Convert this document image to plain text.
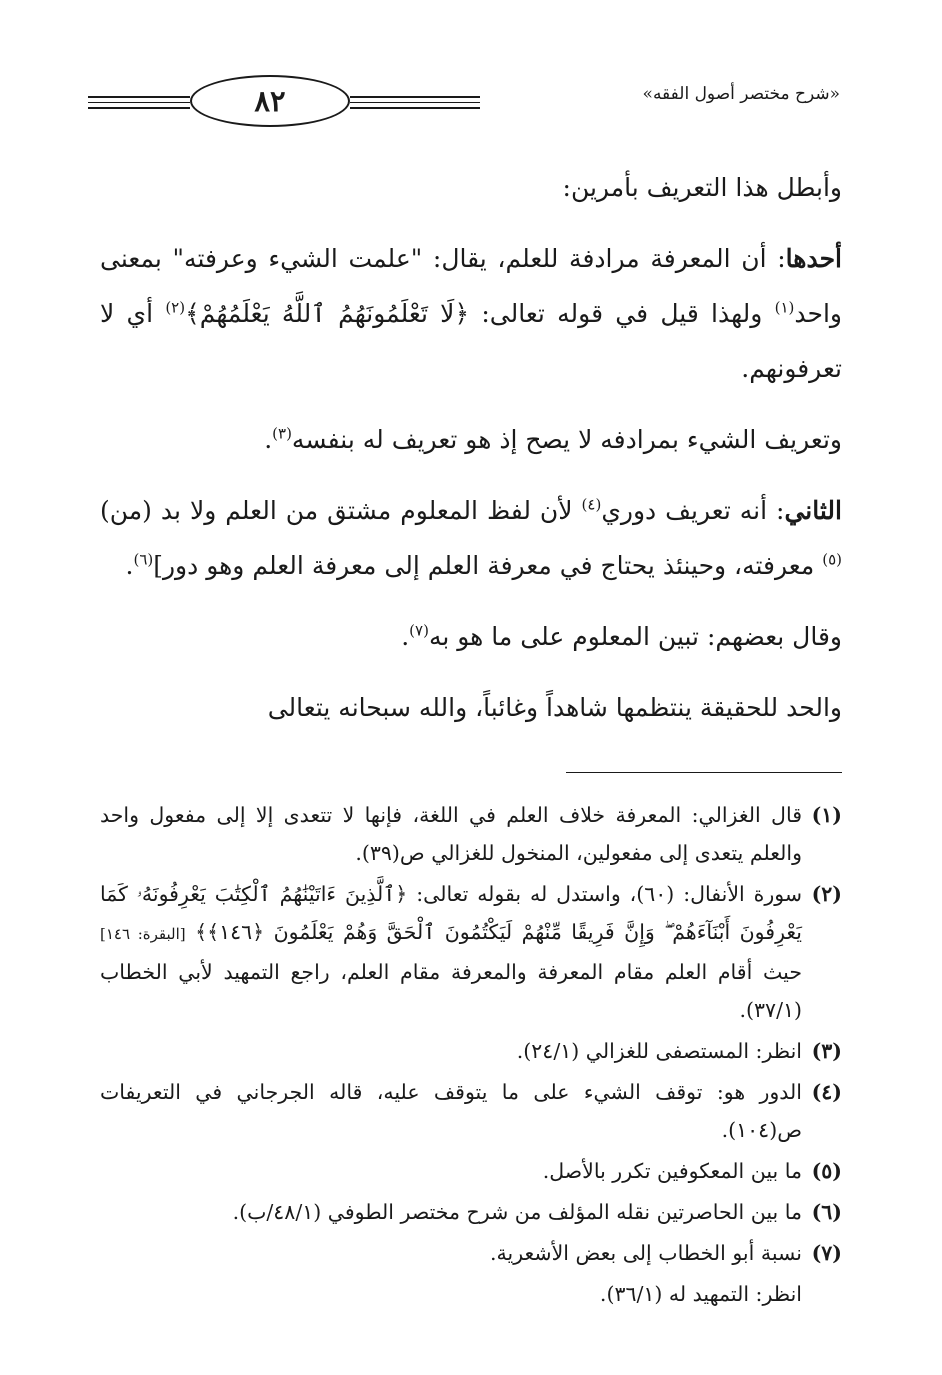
«شرح مختصر أصول الفقه»
٨٢

وأبطل هذا التعريف بأمرين:

أحدها: أن المعرفة مرادفة للعلم، يقال: "علمت الشيء وعرفته" بمعنى واحد$^{(١)}$ ولهذا قيل في قوله تعالى: ﴿لَا تَعْلَمُونَهُمُ ٱللَّهُ يَعْلَمُهُمْ﴾$^{(٢)}$ أي لا تعرفونهم.

وتعريف الشيء بمرادفه لا يصح إذ هو تعريف له بنفسه$^{(٣)}$.

الثاني: أنه تعريف دوري$^{(٤)}$ لأن لفظ المعلوم مشتق من العلم ولا بد (من)$^{(٥)}$ معرفته، وحينئذ يحتاج في معرفة العلم إلى معرفة العلم وهو دور]$^{(٦)}$.

وقال بعضهم: تبين المعلوم على ما هو به$^{(٧)}$.

والحد للحقيقة ينتظمها شاهداً وغائباً، والله سبحانه يتعالى

(١)
قال الغزالي: المعرفة خلاف العلم في اللغة، فإنها لا تتعدى إلا إلى مفعول واحد والعلم يتعدى إلى مفعولين، المنخول للغزالي ص(٣٩).
(٢)
سورة الأنفال: (٦٠)، واستدل له بقوله تعالى: ﴿ٱلَّذِينَ ءَاتَيْنَٰهُمُ ٱلْكِتَٰبَ يَعْرِفُونَهُۥ كَمَا يَعْرِفُونَ أَبْنَآءَهُمْ ۖ وَإِنَّ فَرِيقًا مِّنْهُمْ لَيَكْتُمُونَ ٱلْحَقَّ وَهُمْ يَعْلَمُونَ ﴿١٤٦﴾﴾ [البقرة: ١٤٦] حيث أقام العلم مقام المعرفة والمعرفة مقام العلم، راجع التمهيد لأبي الخطاب (٣٧/١).
(٣)
انظر: المستصفى للغزالي (٢٤/١).
(٤)
الدور هو: توقف الشيء على ما يتوقف عليه، قاله الجرجاني في التعريفات ص(١٠٤).
(٥)
ما بين المعكوفين تكرر بالأصل.
(٦)
ما بين الحاصرتين نقله المؤلف من شرح مختصر الطوفي (٤٨/١/ب).
(٧)
نسبة أبو الخطاب إلى بعض الأشعرية.
انظر: التمهيد له (٣٦/١).
